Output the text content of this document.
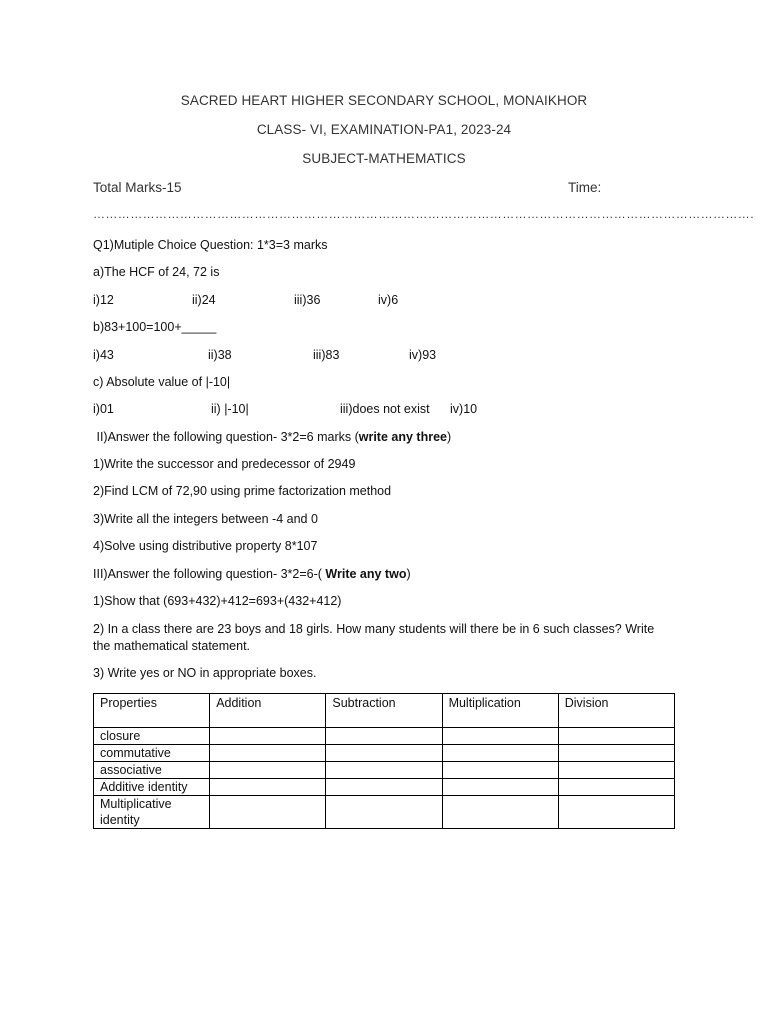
SACRED HEART HIGHER SECONDARY SCHOOL, MONAIKHOR
CLASS- VI, EXAMINATION-PA1, 2023-24
SUBJECT-MATHEMATICS
Total Marks-15	Time:
…………………………………………………………………………………………………………………………………………….
Q1)Mutiple Choice Question: 1*3=3 marks
a)The HCF of 24, 72 is
i)12	ii)24	iii)36	iv)6
b)83+100=100+_____
i)43	ii)38	iii)83	iv)93
c) Absolute value of |-10|
i)01	ii) |-10|	iii)does not exist iv)10
II)Answer the following question- 3*2=6 marks (write any three)
1)Write the successor and predecessor of 2949
2)Find LCM of 72,90 using prime factorization method
3)Write all the integers between -4 and 0
4)Solve using distributive property 8*107
III)Answer the following question- 3*2=6-( Write any two)
1)Show that (693+432)+412=693+(432+412)
2) In a class there are 23 boys and 18 girls. How many students will there be in 6 such classes? Write the mathematical statement.
3) Write yes or NO in appropriate boxes.
Properties	Addition	Subtraction	Multiplication	Division
closure				
commutative				
associative				
Additive identity				
Multiplicative identity				
